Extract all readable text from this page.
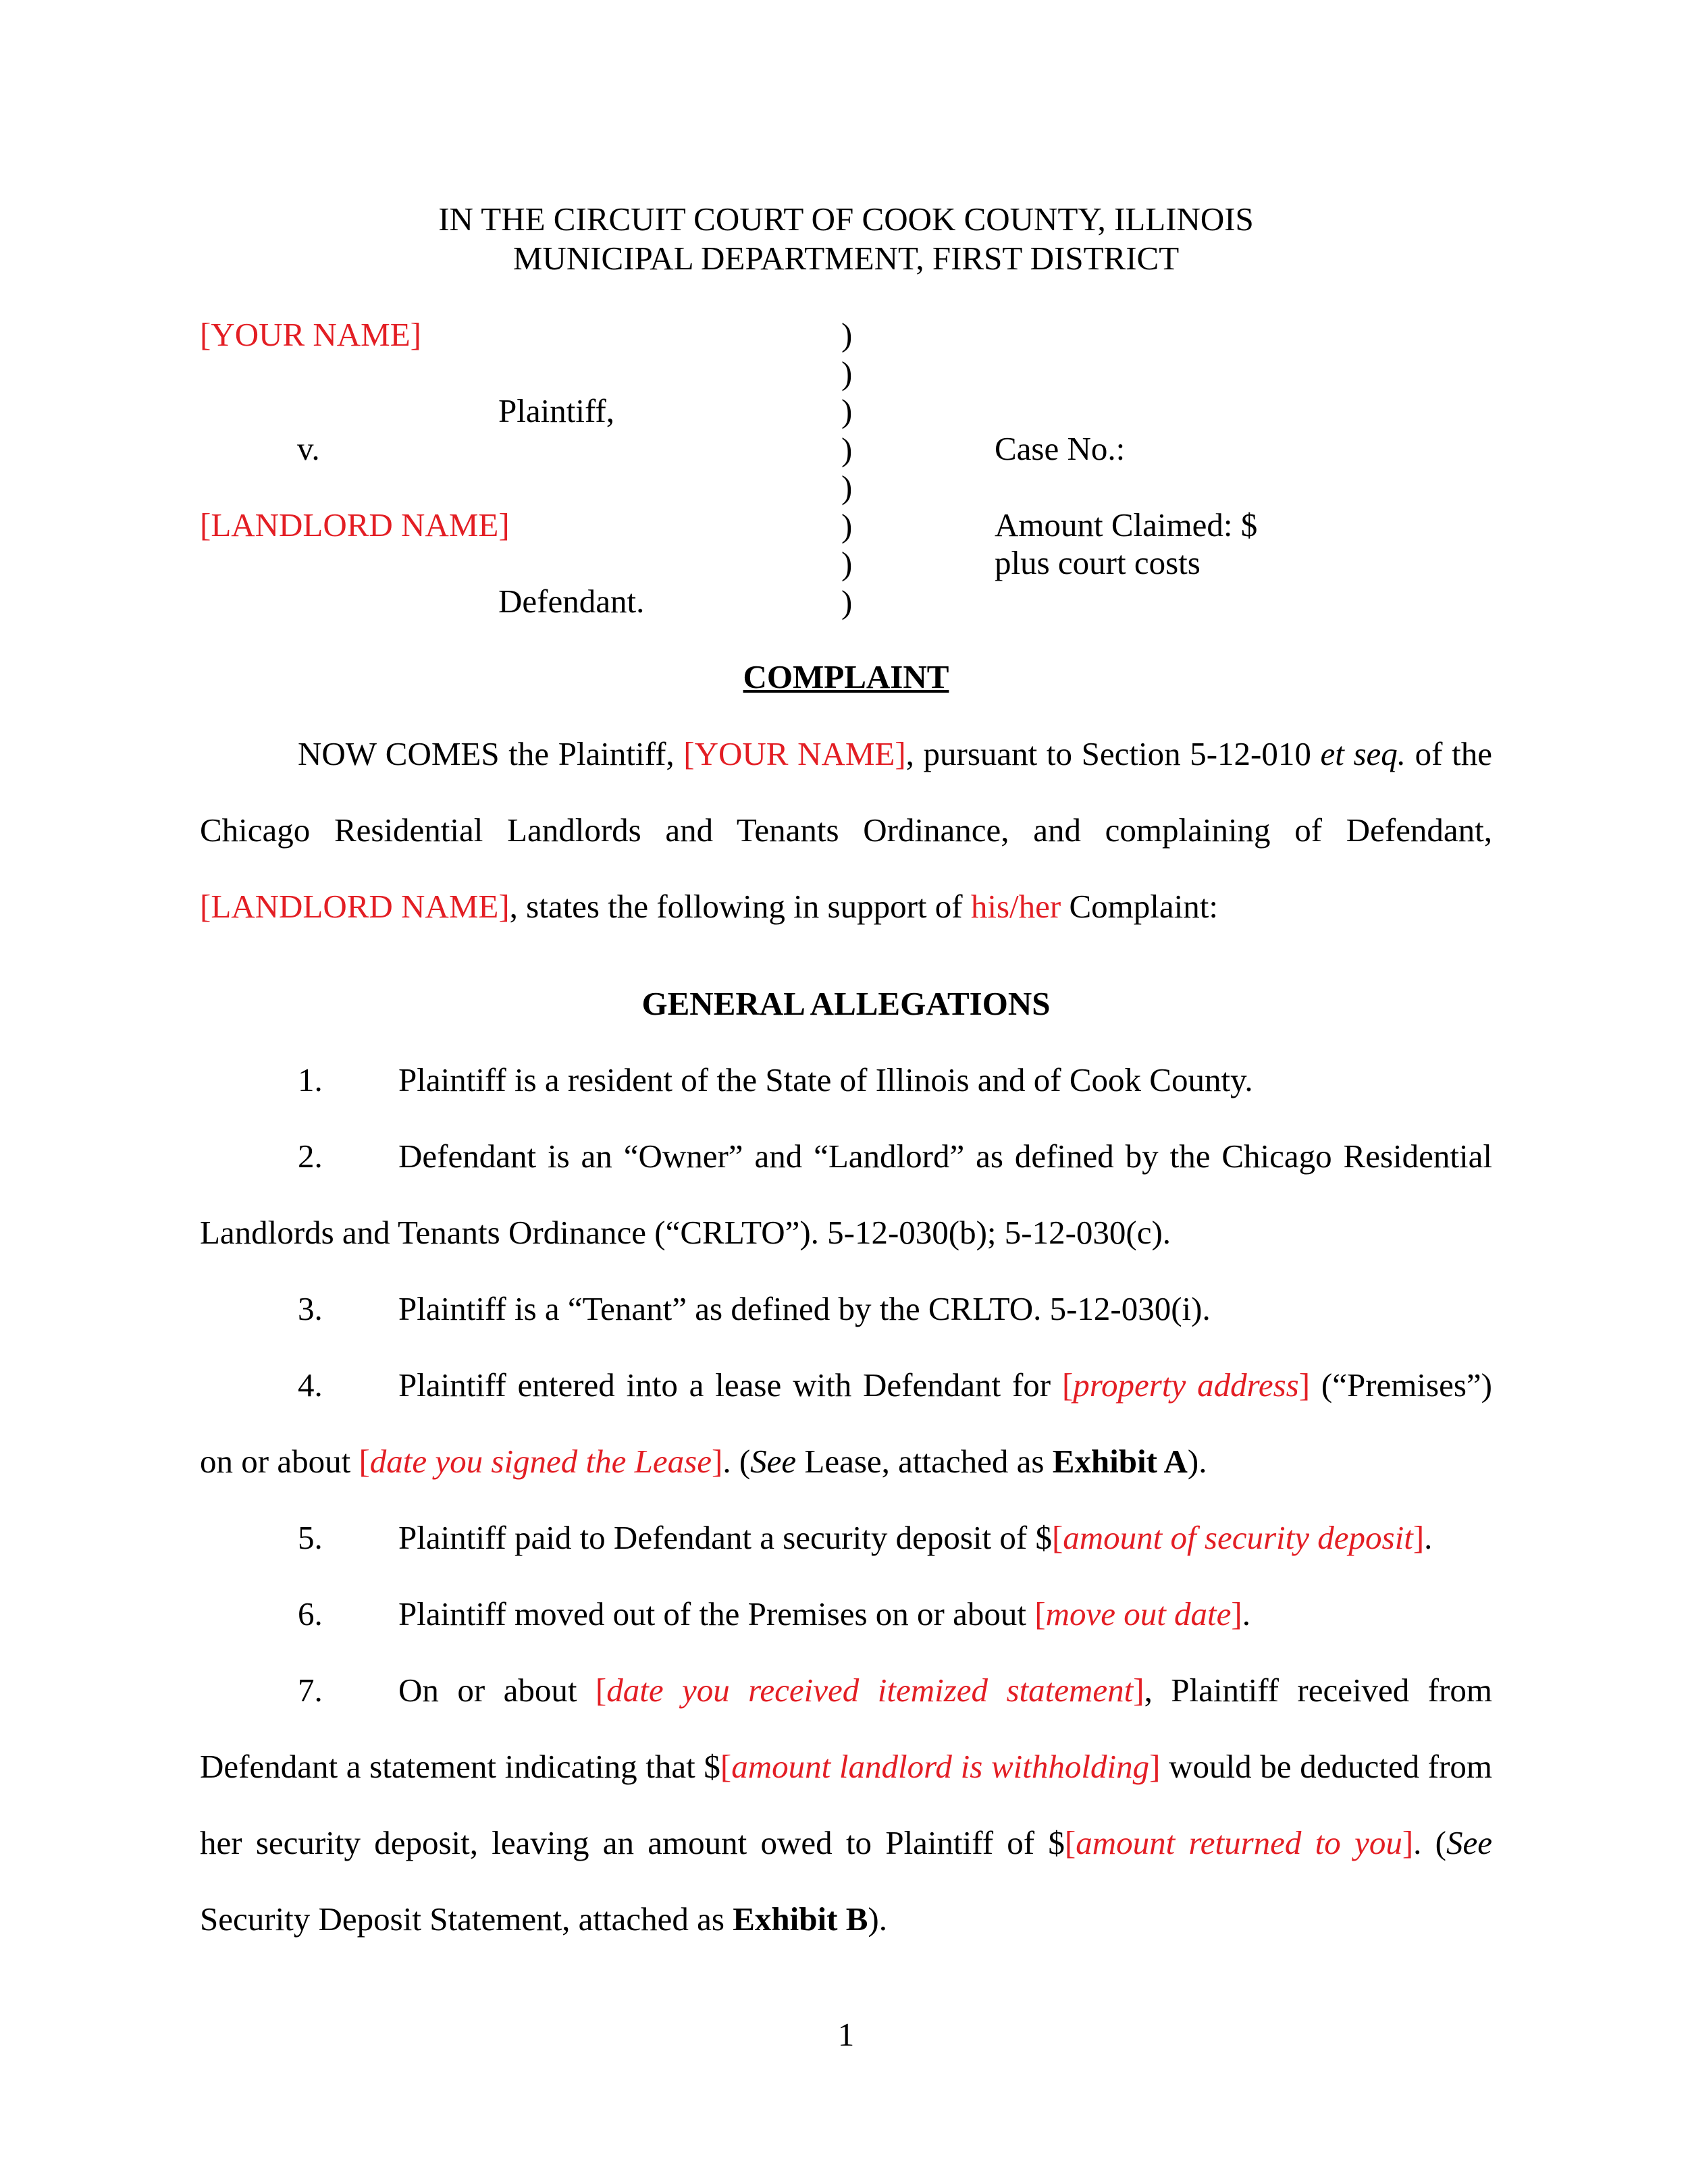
IN THE CIRCUIT COURT OF COOK COUNTY, ILLINOIS
MUNICIPAL DEPARTMENT, FIRST DISTRICT
[YOUR NAME]
Plaintiff,
v.
[LANDLORD NAME]
Defendant.
)
)
)
)
)
)
)
)
Case No.:
Amount Claimed: $
plus court costs
COMPLAINT
NOW COMES the Plaintiff, [YOUR NAME], pursuant to Section 5-12-010 et seq. of the Chicago Residential Landlords and Tenants Ordinance, and complaining of Defendant, [LANDLORD NAME], states the following in support of his/her Complaint:
GENERAL ALLEGATIONS

1. Plaintiff is a resident of the State of Illinois and of Cook County.

2. Defendant is an “Owner” and “Landlord” as defined by the Chicago Residential Landlords and Tenants Ordinance (“CRLTO”). 5-12-030(b); 5-12-030(c).

3. Plaintiff is a “Tenant” as defined by the CRLTO. 5-12-030(i).

4. Plaintiff entered into a lease with Defendant for [property address] (“Premises”) on or about [date you signed the Lease]. (See Lease, attached as Exhibit A).

5. Plaintiff paid to Defendant a security deposit of $[amount of security deposit].

6. Plaintiff moved out of the Premises on or about [move out date].

7. On or about [date you received itemized statement], Plaintiff received from Defendant a statement indicating that $[amount landlord is withholding] would be deducted from her security deposit, leaving an amount owed to Plaintiff of $[amount returned to you]. (See Security Deposit Statement, attached as Exhibit B).

1
